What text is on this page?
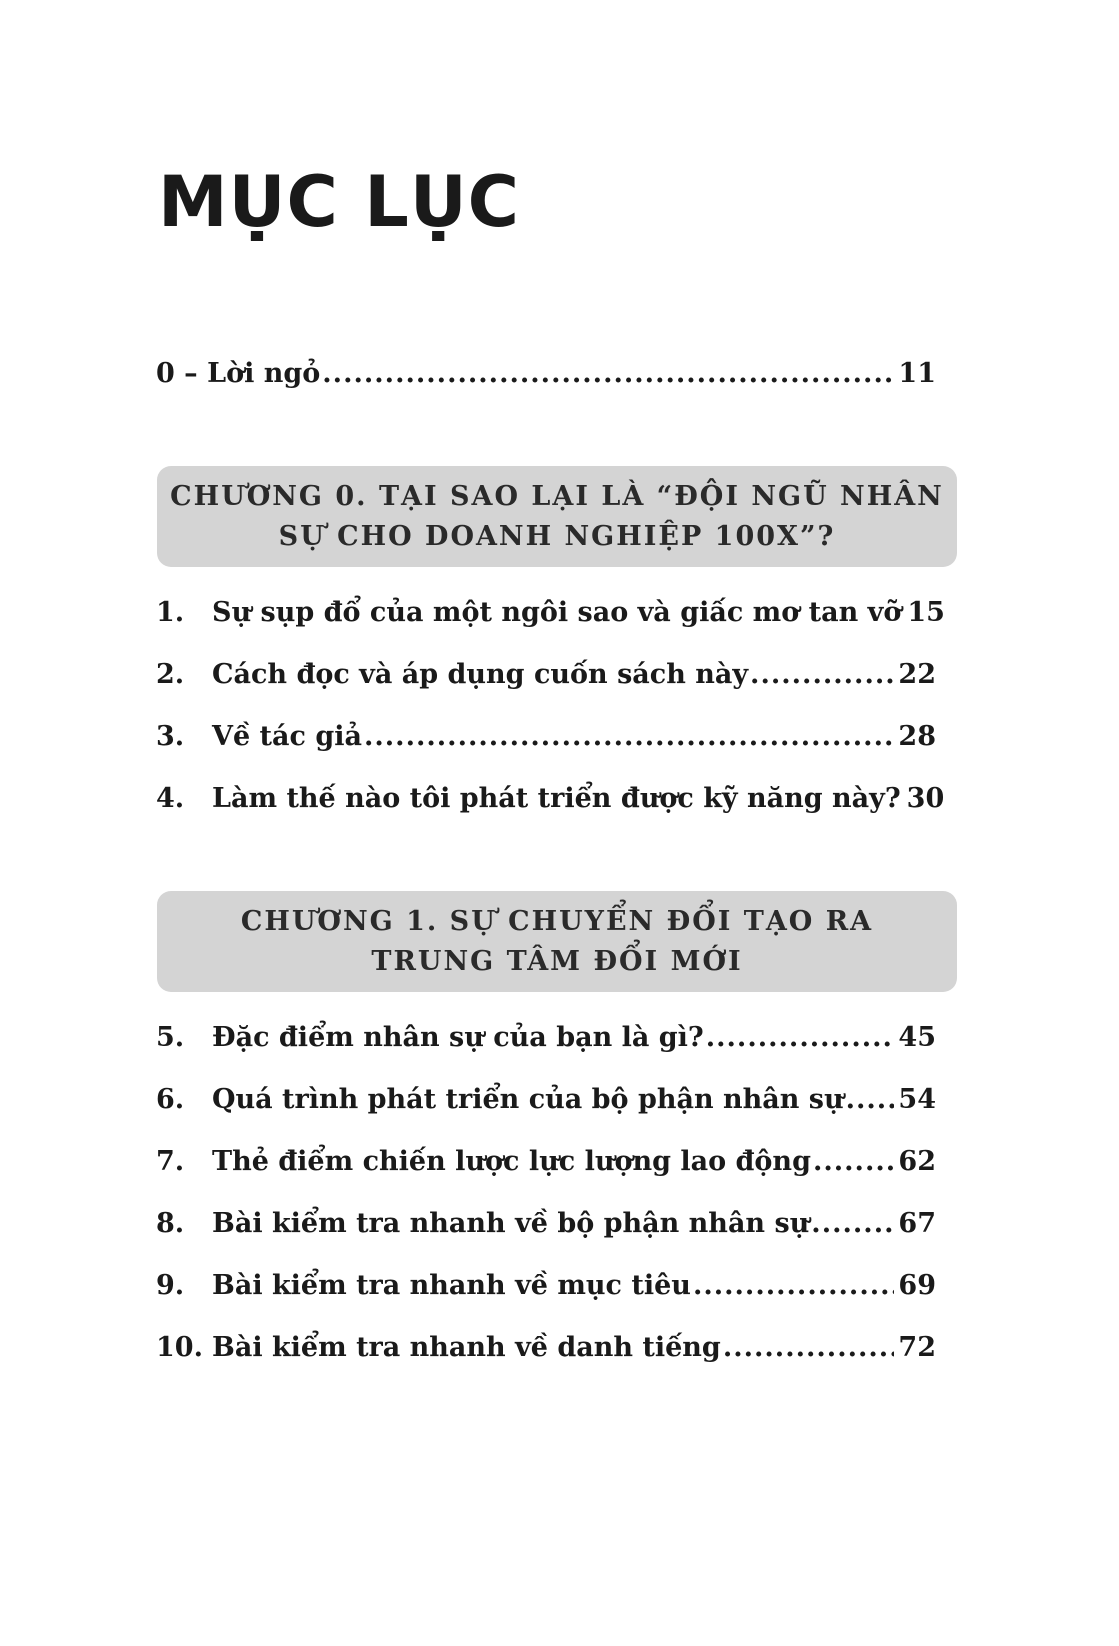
MỤC LỤC
0 – Lời ngỏ .....	11
CHƯƠNG 0. TẠI SAO LẠI LÀ “ĐỘI NGŨ NHÂN
SỰ CHO DOANH NGHIỆP 100X”?
1.	Sự sụp đổ của một ngôi sao và giấc mơ tan vỡ 15
2.	Cách đọc và áp dụng cuốn sách này .....	22
3.	Về tác giả .....	28
4.	Làm thế nào tôi phát triển được kỹ năng này? 30
CHƯƠNG 1. SỰ CHUYỂN ĐỔI TẠO RA
TRUNG TÂM ĐỔI MỚI
5.	Đặc điểm nhân sự của bạn là gì? .....	45
6.	Quá trình phát triển của bộ phận nhân sự ..... 54
7.	Thẻ điểm chiến lược lực lượng lao động .....	62
8.	Bài kiểm tra nhanh về bộ phận nhân sự .....	67
9.	Bài kiểm tra nhanh về mục tiêu .....	69
10. Bài kiểm tra nhanh về danh tiếng .....	72
